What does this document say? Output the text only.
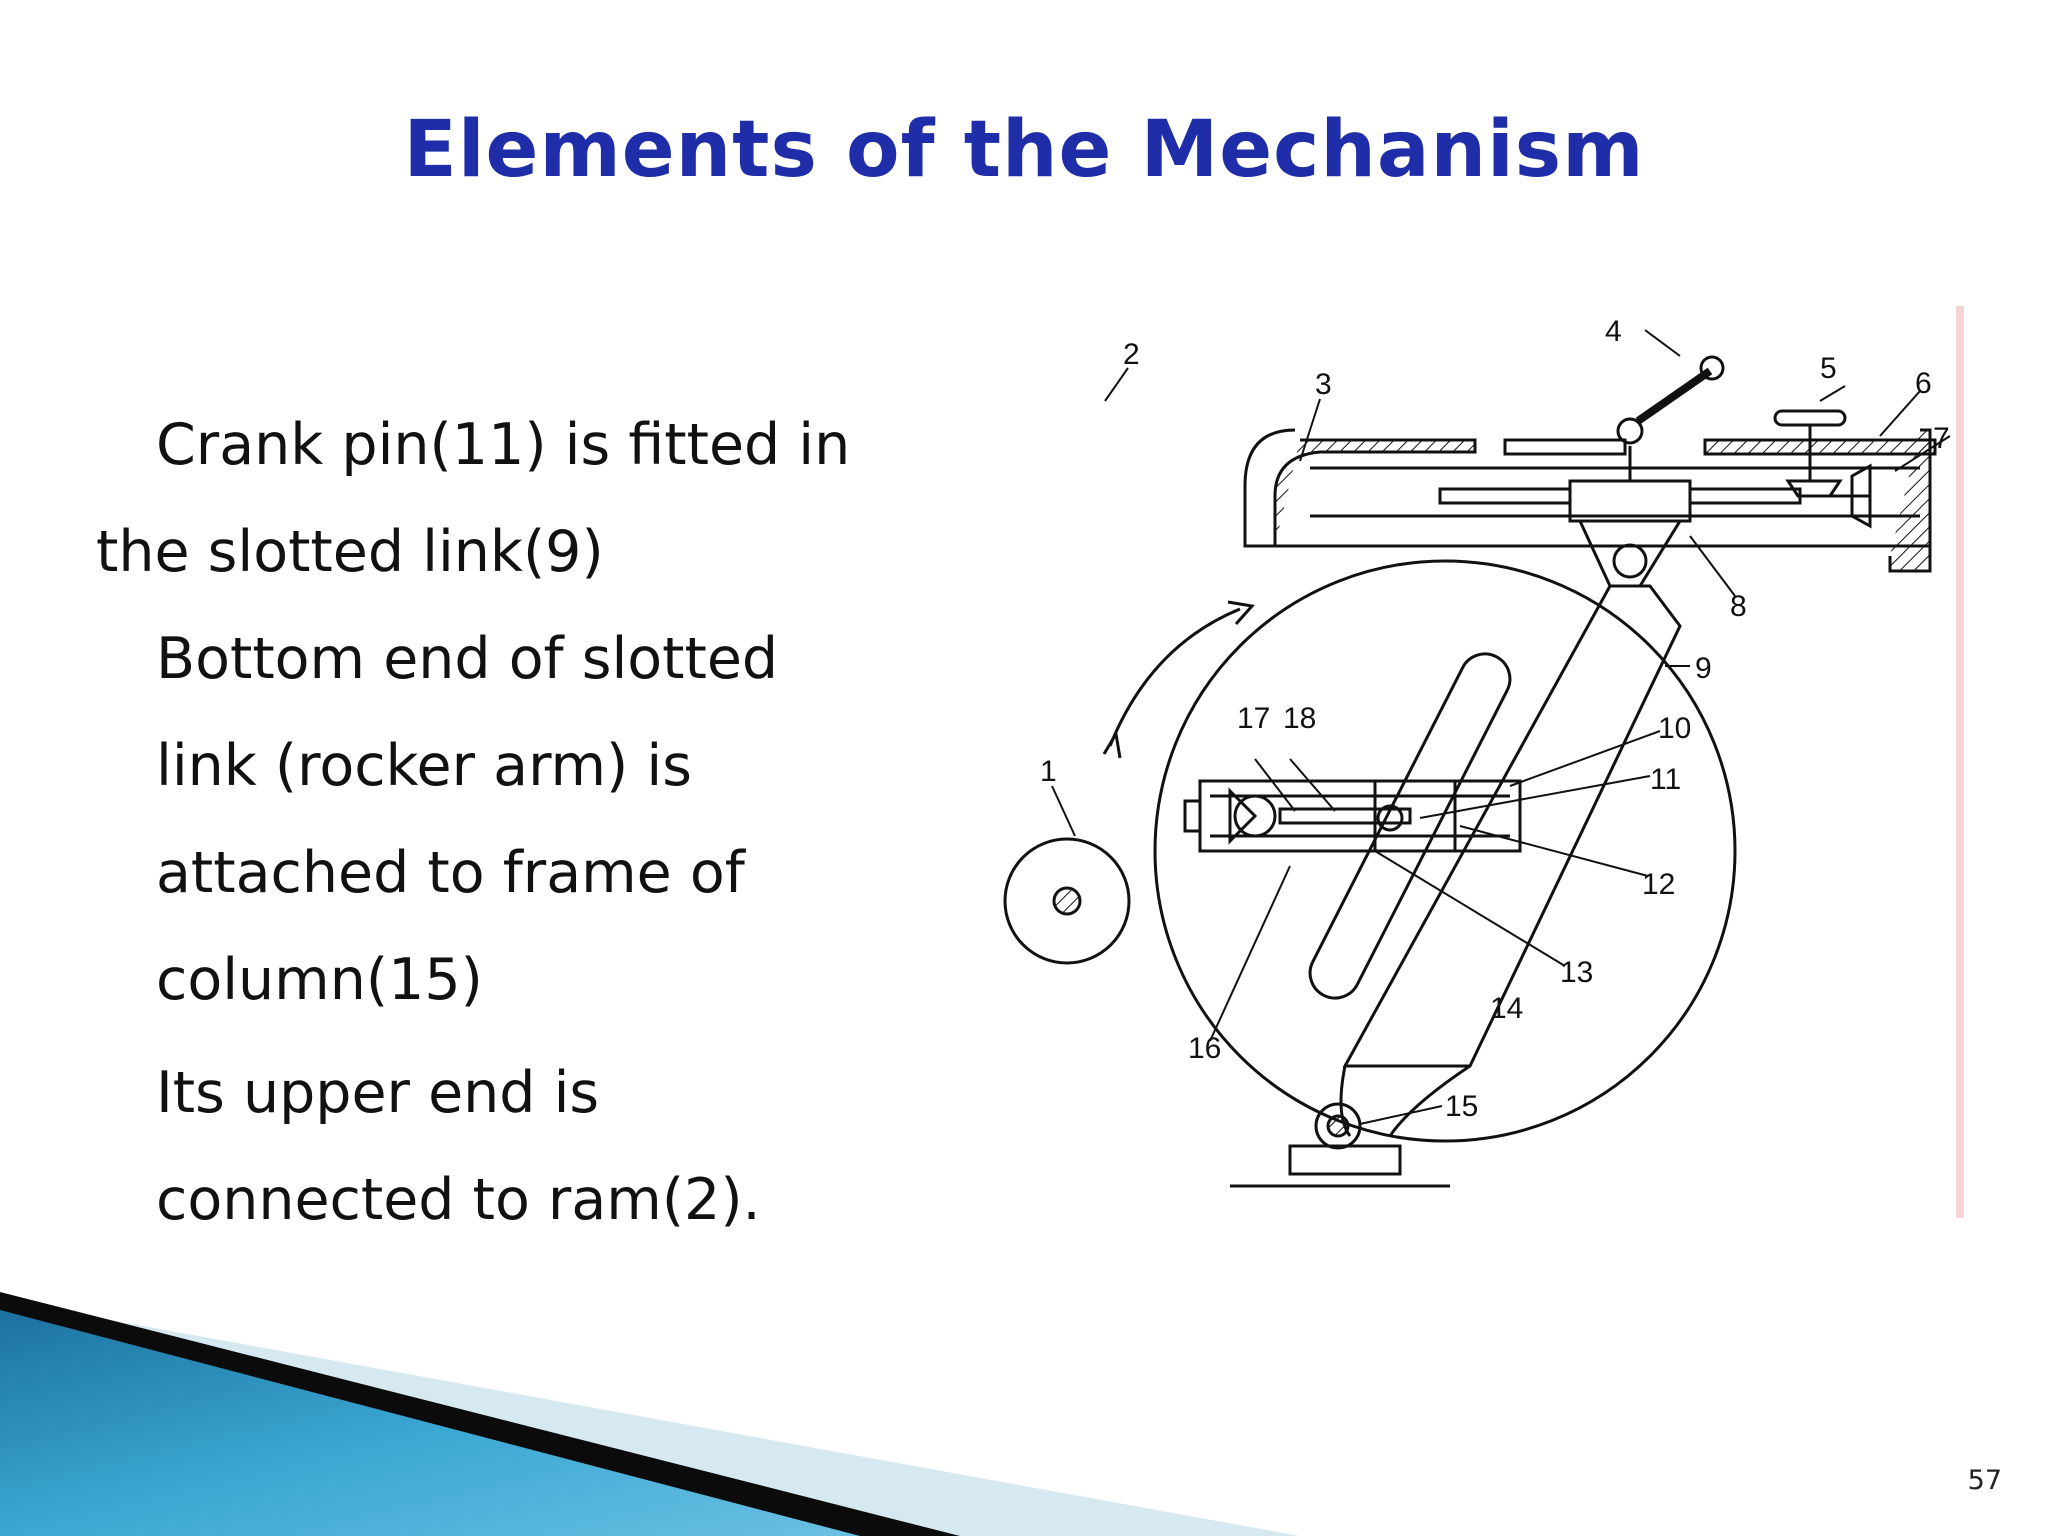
Elements of the Mechanism
Crank pin(11) is fitted in
the slotted link(9)
Bottom end of slotted
link (rocker arm) is
attached to frame of
column(15)
Its upper end is
connected to ram(2).
1
2
3
4
5	6
7
8
9
10
11
12
13
14
15
16
17 18
57
